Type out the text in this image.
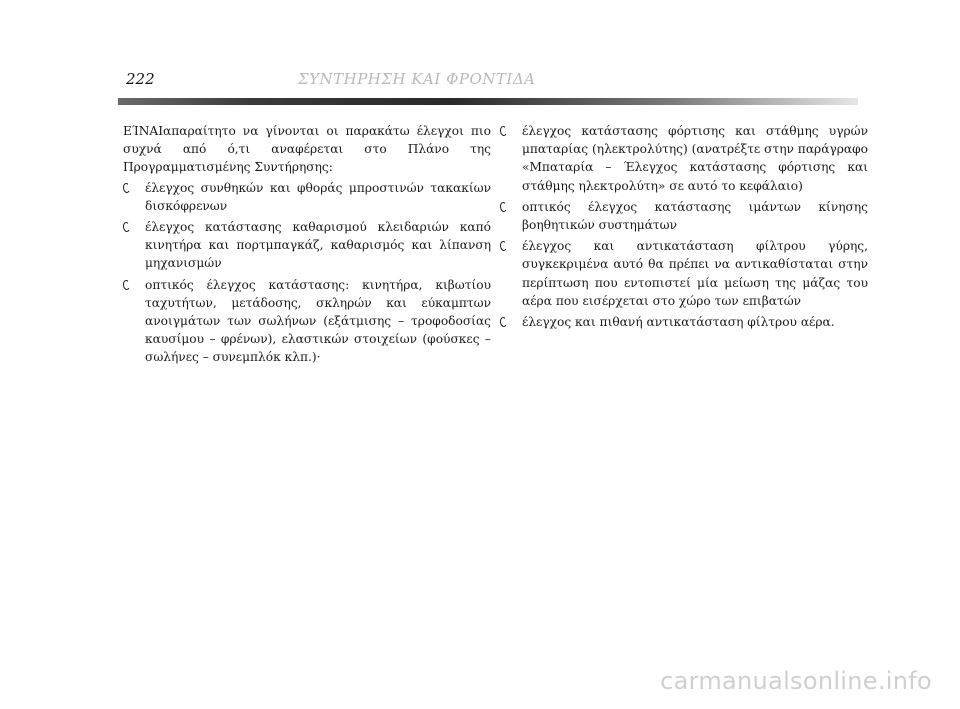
222	ΣΥΝΤΗΡΗΣΗ ΚΑΙ ΦΡΟΝΤΙΔΑ

ΕΊΝΑΙαπαραίτητο να γίνονται οι παρακάτω έλεγχοι πιο συχνά από ό,τι αναφέρεται στο Πλάνο της Προγραμματισμένης Συντήρησης:

έλεγχος συνθηκών και φθοράς μπροστινών τακακίων δισκόφρενων
έλεγχος κατάστασης καθαρισμού κλειδαριών καπό κινητήρα και πορτμπαγκάζ, καθαρισμός και λίπανση μηχανισμών
οπτικός έλεγχος κατάστασης: κινητήρα, κιβωτίου ταχυτήτων, μετάδοσης, σκληρών και εύκαμπτων ανοιγμάτων των σωλήνων (εξάτμισης – τροφοδοσίας καυσίμου – φρένων), ελαστικών στοιχείων (φούσκες – σωλήνες – συνεμπλόκ κλπ.)·
έλεγχος κατάστασης φόρτισης και στάθμης υγρών μπαταρίας (ηλεκτρολύτης) (ανατρέξτε στην παράγραφο «Μπαταρία – Έλεγχος κατάστασης φόρτισης και στάθμης ηλεκτρολύτη» σε αυτό το κεφάλαιο)
οπτικός έλεγχος κατάστασης ιμάντων κίνησης βοηθητικών συστημάτων
έλεγχος και αντικατάσταση φίλτρου γύρης, συγκεκριμένα αυτό θα πρέπει να αντικαθίσταται στην περίπτωση που εντοπιστεί μία μείωση της μάζας του αέρα που εισέρχεται στο χώρο των επιβατών
έλεγχος και πιθανή αντικατάσταση φίλτρου αέρα.
carmanualsonline.info
